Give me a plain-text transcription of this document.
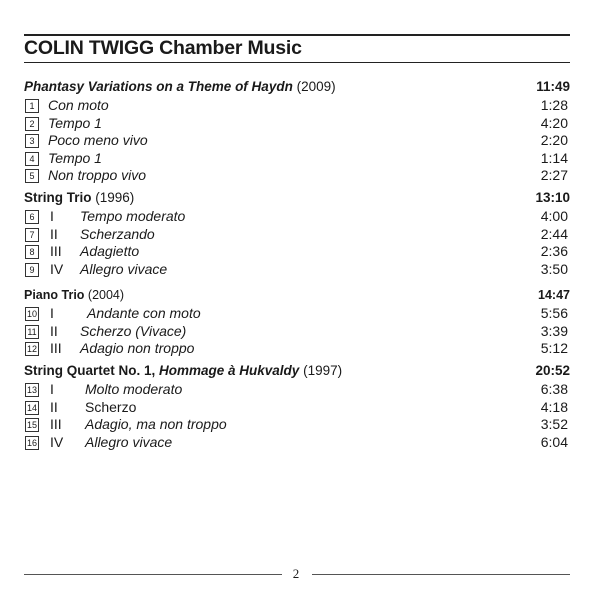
COLIN TWIGG Chamber Music
Phantasy Variations on a Theme of Haydn (2009)	11:49
1 Con moto	1:28
2 Tempo 1	4:20
3 Poco meno vivo	2:20
4 Tempo 1	1:14
5 Non troppo vivo	2:27
String Trio (1996)	13:10
6	I Tempo moderato	4:00
7	II Scherzando	2:44
8	III Adagietto	2:36
9	IV Allegro vivace	3:50
Piano Trio (2004)	14:47
10 I Andante con moto	5:56
11 II Scherzo (Vivace)	3:39
12 III Adagio non troppo	5:12
String Quartet No. 1, Hommage à Hukvaldy (1997)	20:52
13 I Molto moderato	6:38
14 II Scherzo	4:18
15 III Adagio, ma non troppo	3:52
16 IV Allegro vivace	6:04
2
